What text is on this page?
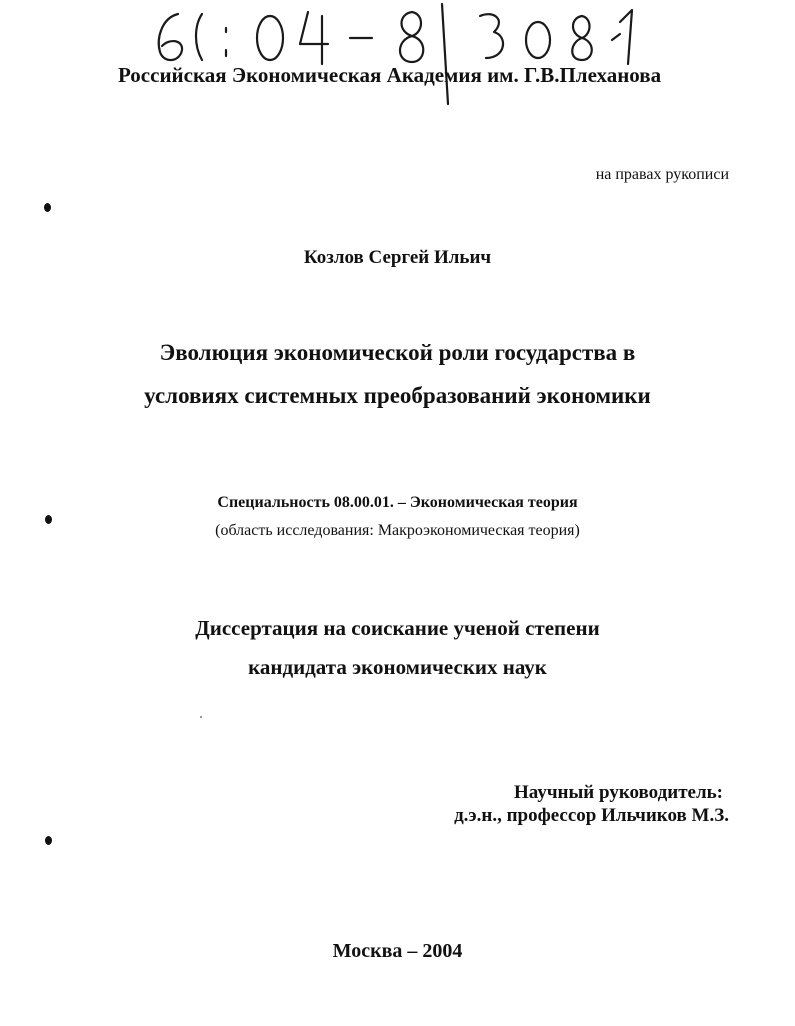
Российская Экономическая Академия им. Г.В.Плеханова
на правах рукописи
Козлов Сергей Ильич
Эволюция экономической роли государства в
условиях системных преобразований экономики
Специальность 08.00.01. – Экономическая теория
(область исследования: Макроэкономическая теория)
Диссертация на соискание ученой степени
кандидата экономических наук
Научный руководитель:
д.э.н., профессор Ильчиков М.З.
Москва – 2004
